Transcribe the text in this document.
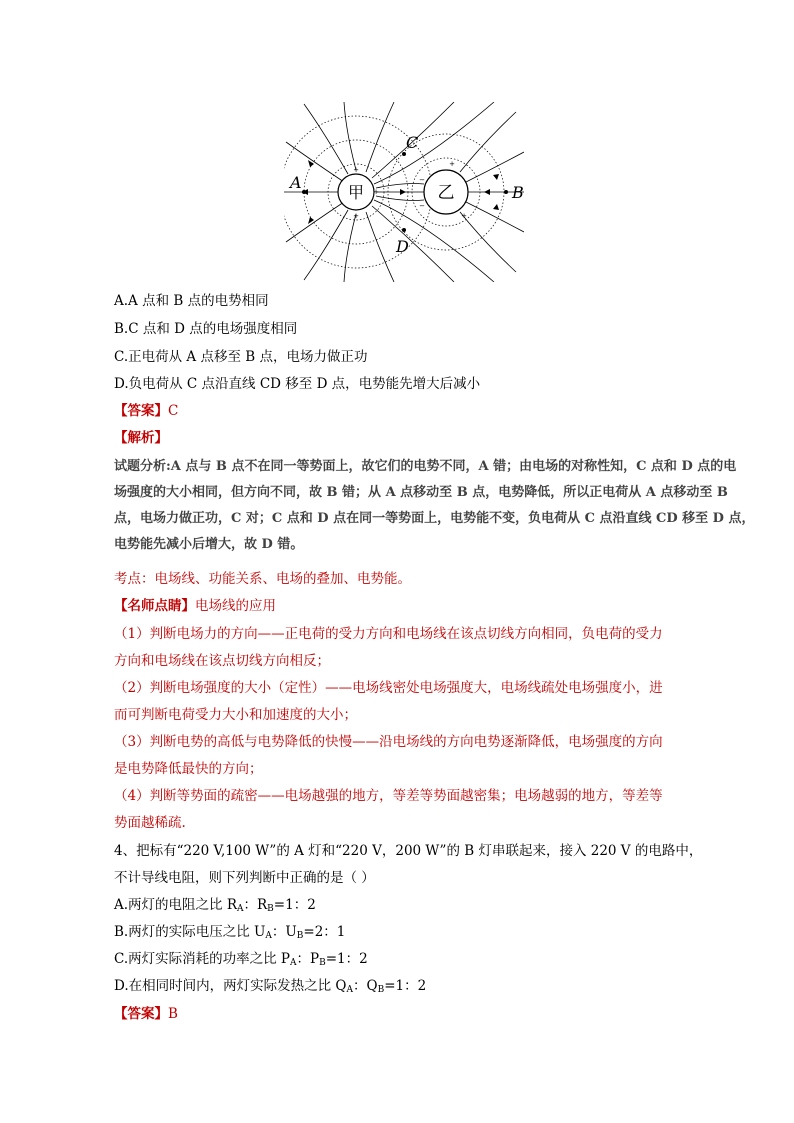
甲	乙
+
+
+
−
−
+
+
A
B
C
D
A.A 点和 B 点的电势相同
B.C 点和 D 点的电场强度相同
C.正电荷从 A 点移至 B 点，电场力做正功
D.负电荷从 C 点沿直线 CD 移至 D 点，电势能先增大后减小
【答案】C
【解析】
试题分析:A 点与 B 点不在同一等势面上，故它们的电势不同，A 错；由电场的对称性知，C 点和 D 点的电
场强度的大小相同，但方向不同，故 B 错；从 A 点移动至 B 点，电势降低，所以正电荷从 A 点移动至 B
点，电场力做正功，C 对；C 点和 D 点在同一等势面上，电势能不变，负电荷从 C 点沿直线 CD 移至 D 点，
电势能先减小后增大，故 D 错。
考点：电场线、功能关系、电场的叠加、电势能。
【名师点睛】电场线的应用
（1）判断电场力的方向——正电荷的受力方向和电场线在该点切线方向相同，负电荷的受力
方向和电场线在该点切线方向相反；
（2）判断电场强度的大小（定性）——电场线密处电场强度大，电场线疏处电场强度小，进
而可判断电荷受力大小和加速度的大小；
（3）判断电势的高低与电势降低的快慢——沿电场线的方向电势逐渐降低，电场强度的方向
是电势降低最快的方向；
（4）判断等势面的疏密——电场越强的地方，等差等势面越密集；电场越弱的地方，等差等
势面越稀疏.
4、把标有“220 V,100 W”的 A 灯和“220 V，200 W”的 B 灯串联起来，接入 220 V 的电路中，
不计导线电阻，则下列判断中正确的是（ ）
A.两灯的电阻之比 $R_A$：$R_B=1$：2
B.两灯的实际电压之比 $U_A$：$U_B=2$：1
C.两灯实际消耗的功率之比 $P_A$：$P_B=1$：2
D.在相同时间内，两灯实际发热之比 $Q_A$：$Q_B=1$：2
【答案】B
